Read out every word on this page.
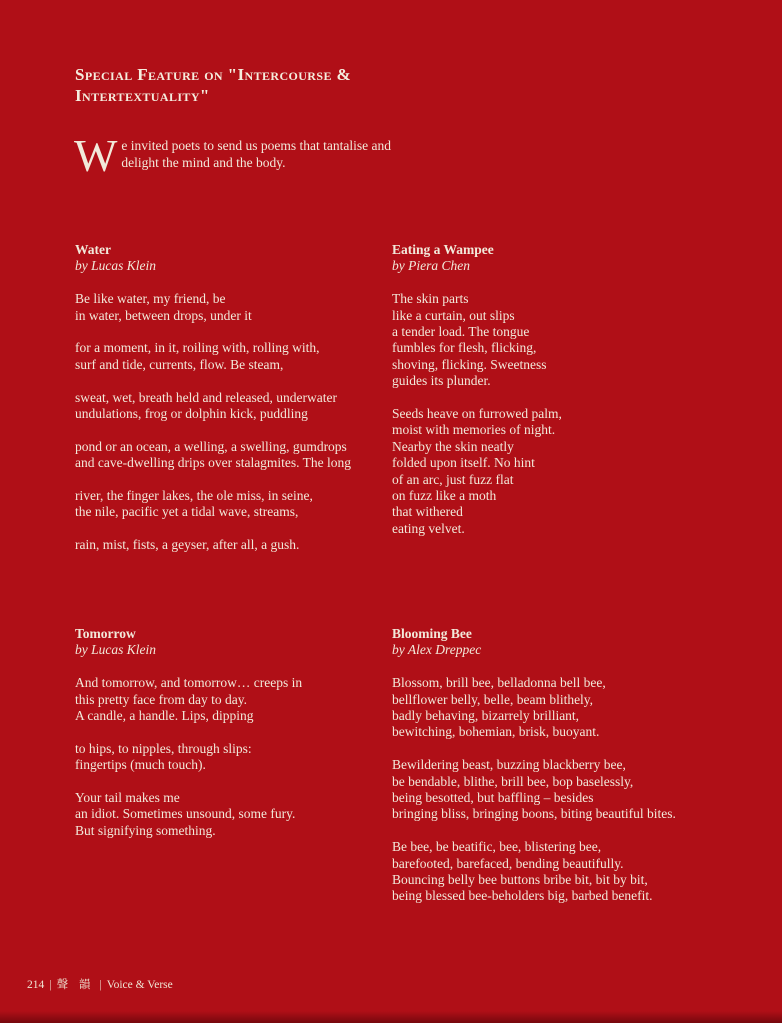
Special Feature on "Intercourse &
Intertextuality"
W e invited poets to send us poems that tantalise and
delight the mind and the body.
Water
by Lucas Klein
Be like water, my friend, be
in water, between drops, under it
for a moment, in it, roiling with, rolling with,
surf and tide, currents, flow. Be steam,
sweat, wet, breath held and released, underwater
undulations, frog or dolphin kick, puddling
pond or an ocean, a welling, a swelling, gumdrops
and cave-dwelling drips over stalagmites. The long
river, the finger lakes, the ole miss, in seine,
the nile, pacific yet a tidal wave, streams,
rain, mist, fists, a geyser, after all, a gush.
Eating a Wampee
by Piera Chen
The skin parts
like a curtain, out slips
a tender load. The tongue
fumbles for flesh, flicking,
shoving, flicking. Sweetness
guides its plunder.
Seeds heave on furrowed palm,
moist with memories of night.
Nearby the skin neatly
folded upon itself. No hint
of an arc, just fuzz flat
on fuzz like a moth
that withered
eating velvet.
Tomorrow
by Lucas Klein
And tomorrow, and tomorrow… creeps in
this pretty face from day to day.
A candle, a handle. Lips, dipping
to hips, to nipples, through slips:
fingertips (much touch).
Your tail makes me
an idiot. Sometimes unsound, some fury.
But signifying something.
Blooming Bee
by Alex Dreppec
Blossom, brill bee, belladonna bell bee,
bellflower belly, belle, beam blithely,
badly behaving, bizarrely brilliant,
bewitching, bohemian, brisk, buoyant.
Bewildering beast, buzzing blackberry bee,
be bendable, blithe, brill bee, bop baselessly,
being besotted, but baffling – besides
bringing bliss, bringing boons, biting beautiful bites.
Be bee, be beatific, bee, blistering bee,
barefooted, barefaced, bending beautifully.
Bouncing belly bee buttons bribe bit, bit by bit,
being blessed bee-beholders big, barbed benefit.
214 | 聲 韻 | Voice & Verse
